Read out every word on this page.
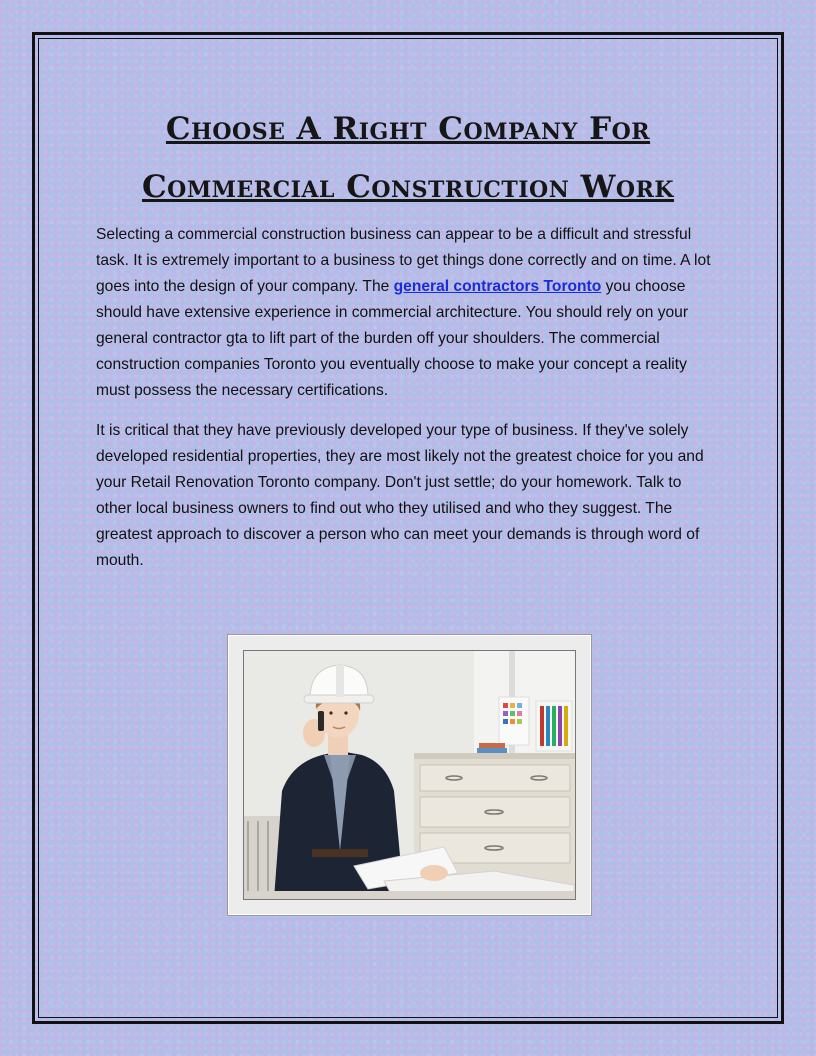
Choose A Right Company For
Commercial Construction Work

Selecting a commercial construction business can appear to be a difficult and stressful task. It is extremely important to a business to get things done correctly and on time. A lot goes into the design of your company. The general contractors Toronto you choose should have extensive experience in commercial architecture. You should rely on your general contractor gta to lift part of the burden off your shoulders. The commercial construction companies Toronto you eventually choose to make your concept a reality must possess the necessary certifications.

It is critical that they have previously developed your type of business. If they've solely developed residential properties, they are most likely not the greatest choice for you and your Retail Renovation Toronto company. Don't just settle; do your homework. Talk to other local business owners to find out who they utilised and who they suggest. The greatest approach to discover a person who can meet your demands is through word of mouth.
